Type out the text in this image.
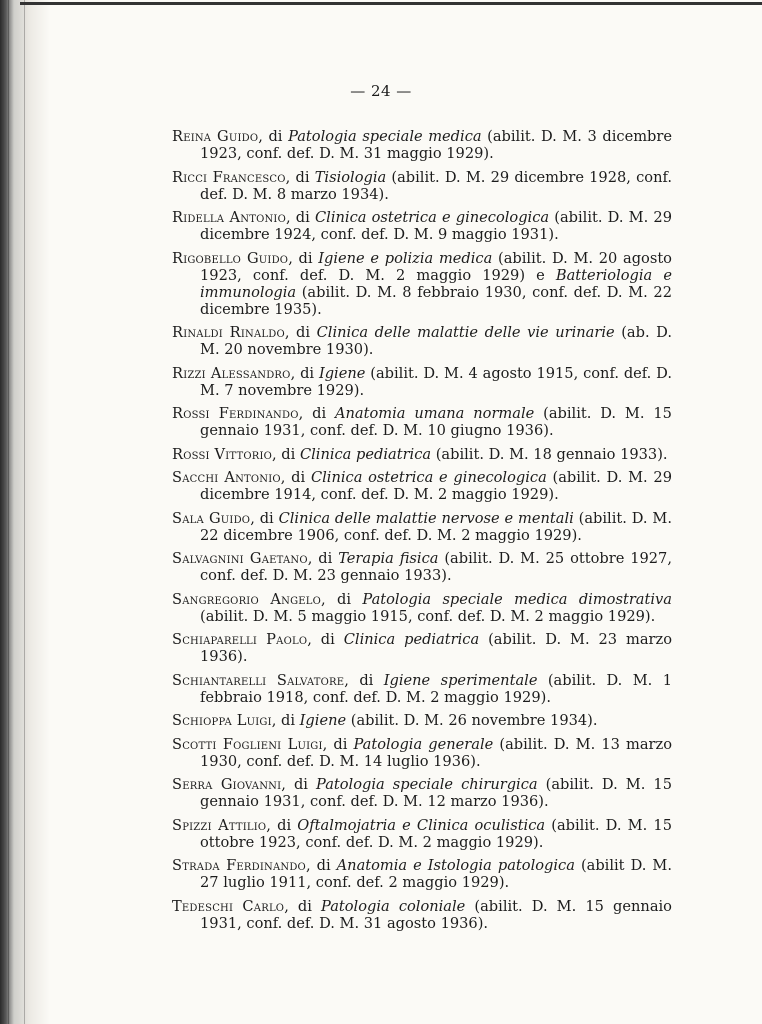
— 24 —
Reina Guido, di Patologia speciale medica (abilit. D. M. 3 dicembre 1923, conf. def. D. M. 31 maggio 1929).
Ricci Francesco, di Tisiologia (abilit. D. M. 29 dicembre 1928, conf. def. D. M. 8 marzo 1934).
Ridella Antonio, di Clinica ostetrica e ginecologica (abilit. D. M. 29 dicembre 1924, conf. def. D. M. 9 maggio 1931).
Rigobello Guido, di Igiene e polizia medica (abilit. D. M. 20 agosto 1923, conf. def. D. M. 2 maggio 1929) e Batteriologia e immunologia (abilit. D. M. 8 febbraio 1930, conf. def. D. M. 22 dicembre 1935).
Rinaldi Rinaldo, di Clinica delle malattie delle vie urinarie (ab. D. M. 20 novembre 1930).
Rizzi Alessandro, di Igiene (abilit. D. M. 4 agosto 1915, conf. def. D. M. 7 novembre 1929).
Rossi Ferdinando, di Anatomia umana normale (abilit. D. M. 15 gennaio 1931, conf. def. D. M. 10 giugno 1936).
Rossi Vittorio, di Clinica pediatrica (abilit. D. M. 18 gennaio 1933).
Sacchi Antonio, di Clinica ostetrica e ginecologica (abilit. D. M. 29 dicembre 1914, conf. def. D. M. 2 maggio 1929).
Sala Guido, di Clinica delle malattie nervose e mentali (abilit. D. M. 22 dicembre 1906, conf. def. D. M. 2 maggio 1929).
Salvagnini Gaetano, di Terapia fisica (abilit. D. M. 25 ottobre 1927, conf. def. D. M. 23 gennaio 1933).
Sangregorio Angelo, di Patologia speciale medica dimostrativa (abilit. D. M. 5 maggio 1915, conf. def. D. M. 2 maggio 1929).
Schiaparelli Paolo, di Clinica pediatrica (abilit. D. M. 23 marzo 1936).
Schiantarelli Salvatore, di Igiene sperimentale (abilit. D. M. 1 febbraio 1918, conf. def. D. M. 2 maggio 1929).
Schioppa Luigi, di Igiene (abilit. D. M. 26 novembre 1934).
Scotti Foglieni Luigi, di Patologia generale (abilit. D. M. 13 marzo 1930, conf. def. D. M. 14 luglio 1936).
Serra Giovanni, di Patologia speciale chirurgica (abilit. D. M. 15 gennaio 1931, conf. def. D. M. 12 marzo 1936).
Spizzi Attilio, di Oftalmojatria e Clinica oculistica (abilit. D. M. 15 ottobre 1923, conf. def. D. M. 2 maggio 1929).
Strada Ferdinando, di Anatomia e Istologia patologica (abilit D. M. 27 luglio 1911, conf. def. 2 maggio 1929).
Tedeschi Carlo, di Patologia coloniale (abilit. D. M. 15 gennaio 1931, conf. def. D. M. 31 agosto 1936).
